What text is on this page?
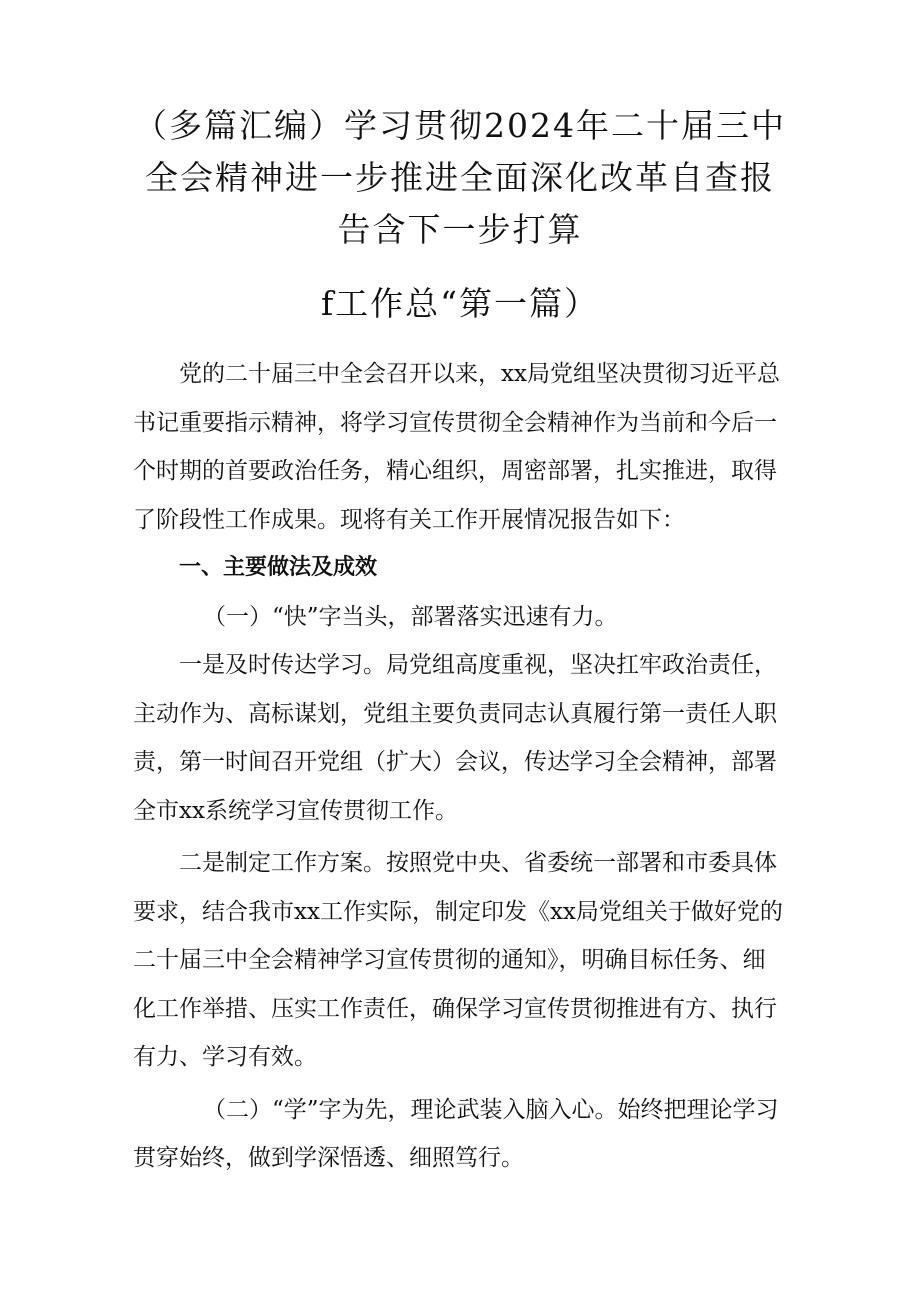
（多篇汇编）学习贯彻2024年二十届三中
全会精神进一步推进全面深化改革自查报
告含下一步打算
f工作总“第一篇）

党的二十届三中全会召开以来，xx局党组坚决贯彻习近平总
书记重要指示精神，将学习宣传贯彻全会精神作为当前和今后一
个时期的首要政治任务，精心组织，周密部署，扎实推进，取得
了阶段性工作成果。现将有关工作开展情况报告如下：

一、主要做法及成效

（一）“快”字当头，部署落实迅速有力。

一是及时传达学习。局党组高度重视，坚决扛牢政治责任，
主动作为、高标谋划，党组主要负责同志认真履行第一责任人职
责，第一时间召开党组（扩大）会议，传达学习全会精神，部署
全市xx系统学习宣传贯彻工作。

二是制定工作方案。按照党中央、省委统一部署和市委具体
要求，结合我市xx工作实际，制定印发《xx局党组关于做好党的
二十届三中全会精神学习宣传贯彻的通知》，明确目标任务、细
化工作举措、压实工作责任，确保学习宣传贯彻推进有方、执行
有力、学习有效。

（二）“学”字为先，理论武装入脑入心。始终把理论学习
贯穿始终，做到学深悟透、细照笃行。
